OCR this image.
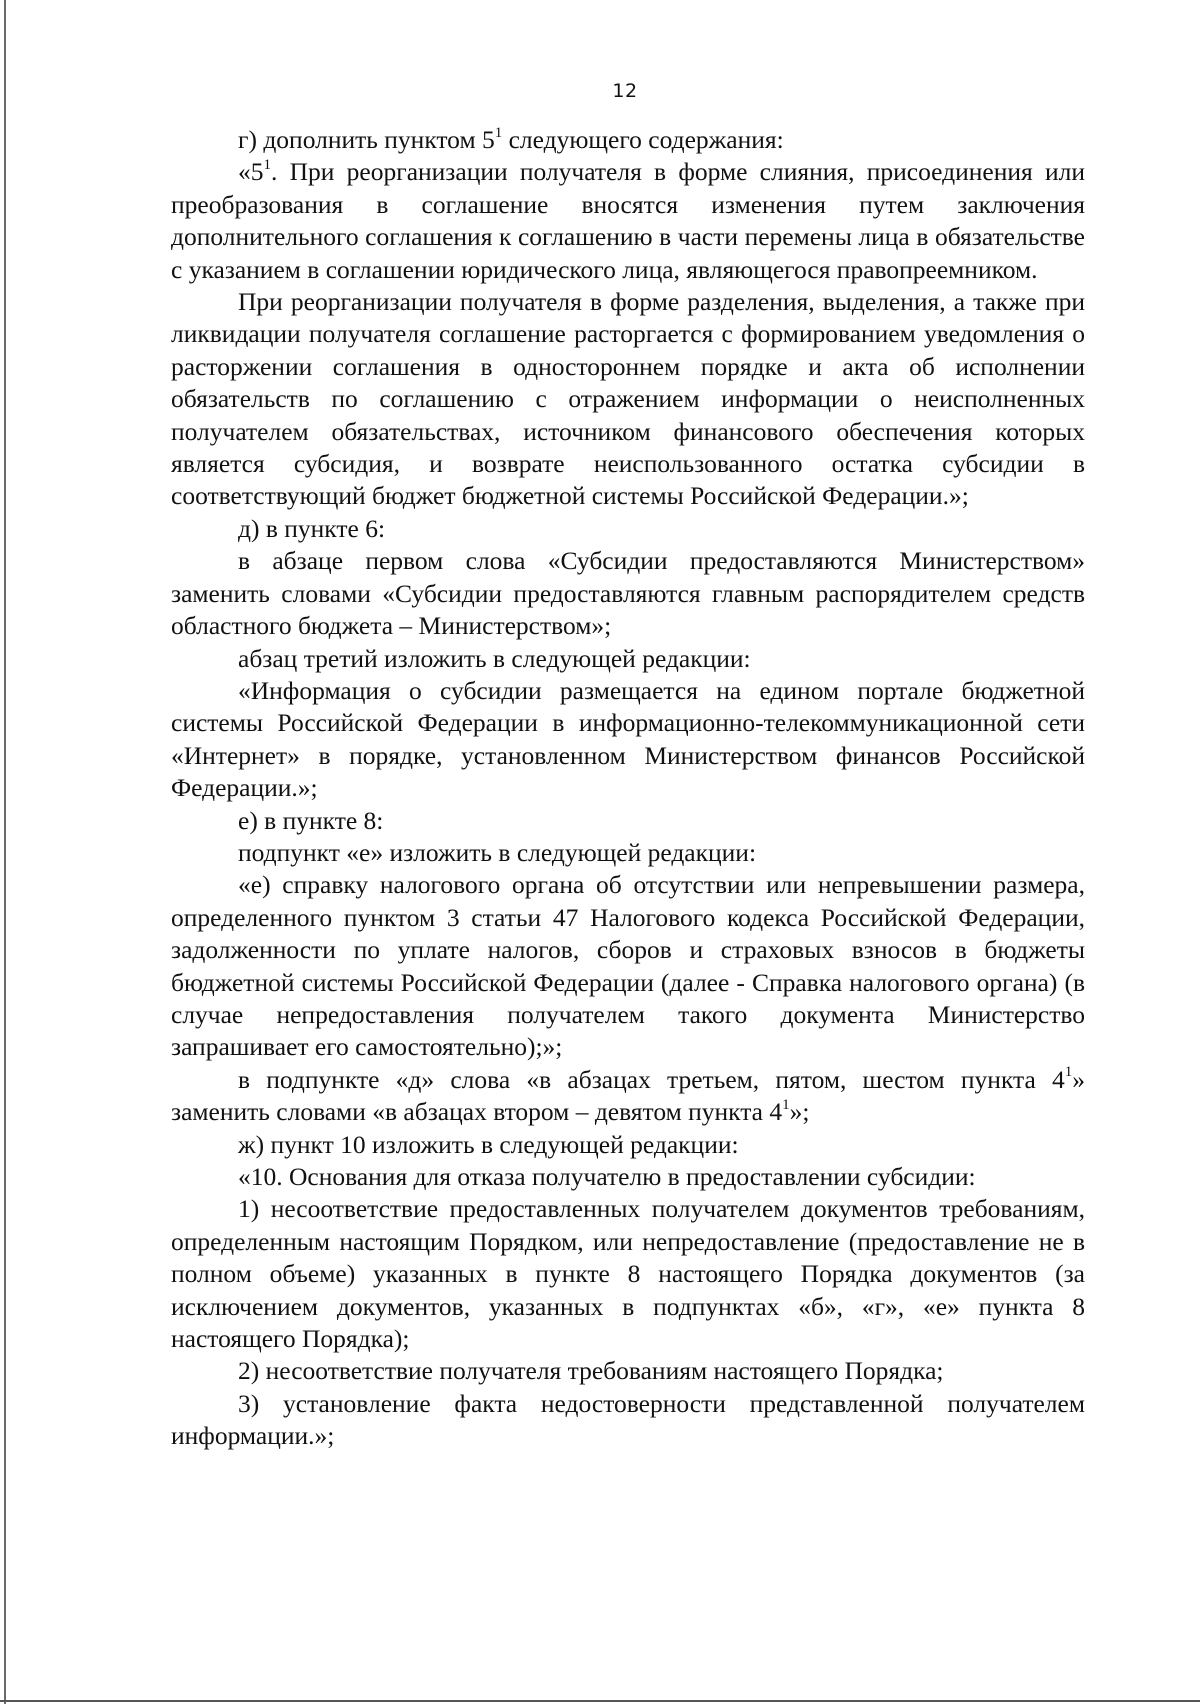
12

г) дополнить пунктом $5^1$ следующего содержания:

«$5^1$. При реорганизации получателя в форме слияния, присоединения или преобразования в соглашение вносятся изменения путем заключения дополнительного соглашения к соглашению в части перемены лица в обязательстве с указанием в соглашении юридического лица, являющегося правопреемником.

При реорганизации получателя в форме разделения, выделения, а также при ликвидации получателя соглашение расторгается с формированием уведомления о расторжении соглашения в одностороннем порядке и акта об исполнении обязательств по соглашению с отражением информации о неисполненных получателем обязательствах, источником финансового обеспечения которых является субсидия, и возврате неиспользованного остатка субсидии в соответствующий бюджет бюджетной системы Российской Федерации.»;

д) в пункте 6:

в абзаце первом слова «Субсидии предоставляются Министерством» заменить словами «Субсидии предоставляются главным распорядителем средств областного бюджета – Министерством»;

абзац третий изложить в следующей редакции:

«Информация о субсидии размещается на едином портале бюджетной системы Российской Федерации в информационно-телекоммуникационной сети «Интернет» в порядке, установленном Министерством финансов Российской Федерации.»;

е) в пункте 8:

подпункт «е» изложить в следующей редакции:

«е) справку налогового органа об отсутствии или непревышении размера, определенного пунктом 3 статьи 47 Налогового кодекса Российской Федерации, задолженности по уплате налогов, сборов и страховых взносов в бюджеты бюджетной системы Российской Федерации (далее - Справка налогового органа) (в случае непредоставления получателем такого документа Министерство запрашивает его самостоятельно);»;

в подпункте «д» слова «в абзацах третьем, пятом, шестом пункта $4^1$» заменить словами «в абзацах втором – девятом пункта $4^1$»;

ж) пункт 10 изложить в следующей редакции:

«10. Основания для отказа получателю в предоставлении субсидии:

1) несоответствие предоставленных получателем документов требованиям, определенным настоящим Порядком, или непредоставление (предоставление не в полном объеме) указанных в пункте 8 настоящего Порядка документов (за исключением документов, указанных в подпунктах «б», «г», «е» пункта 8 настоящего Порядка);

2) несоответствие получателя требованиям настоящего Порядка;

3) установление факта недостоверности представленной получателем информации.»;
